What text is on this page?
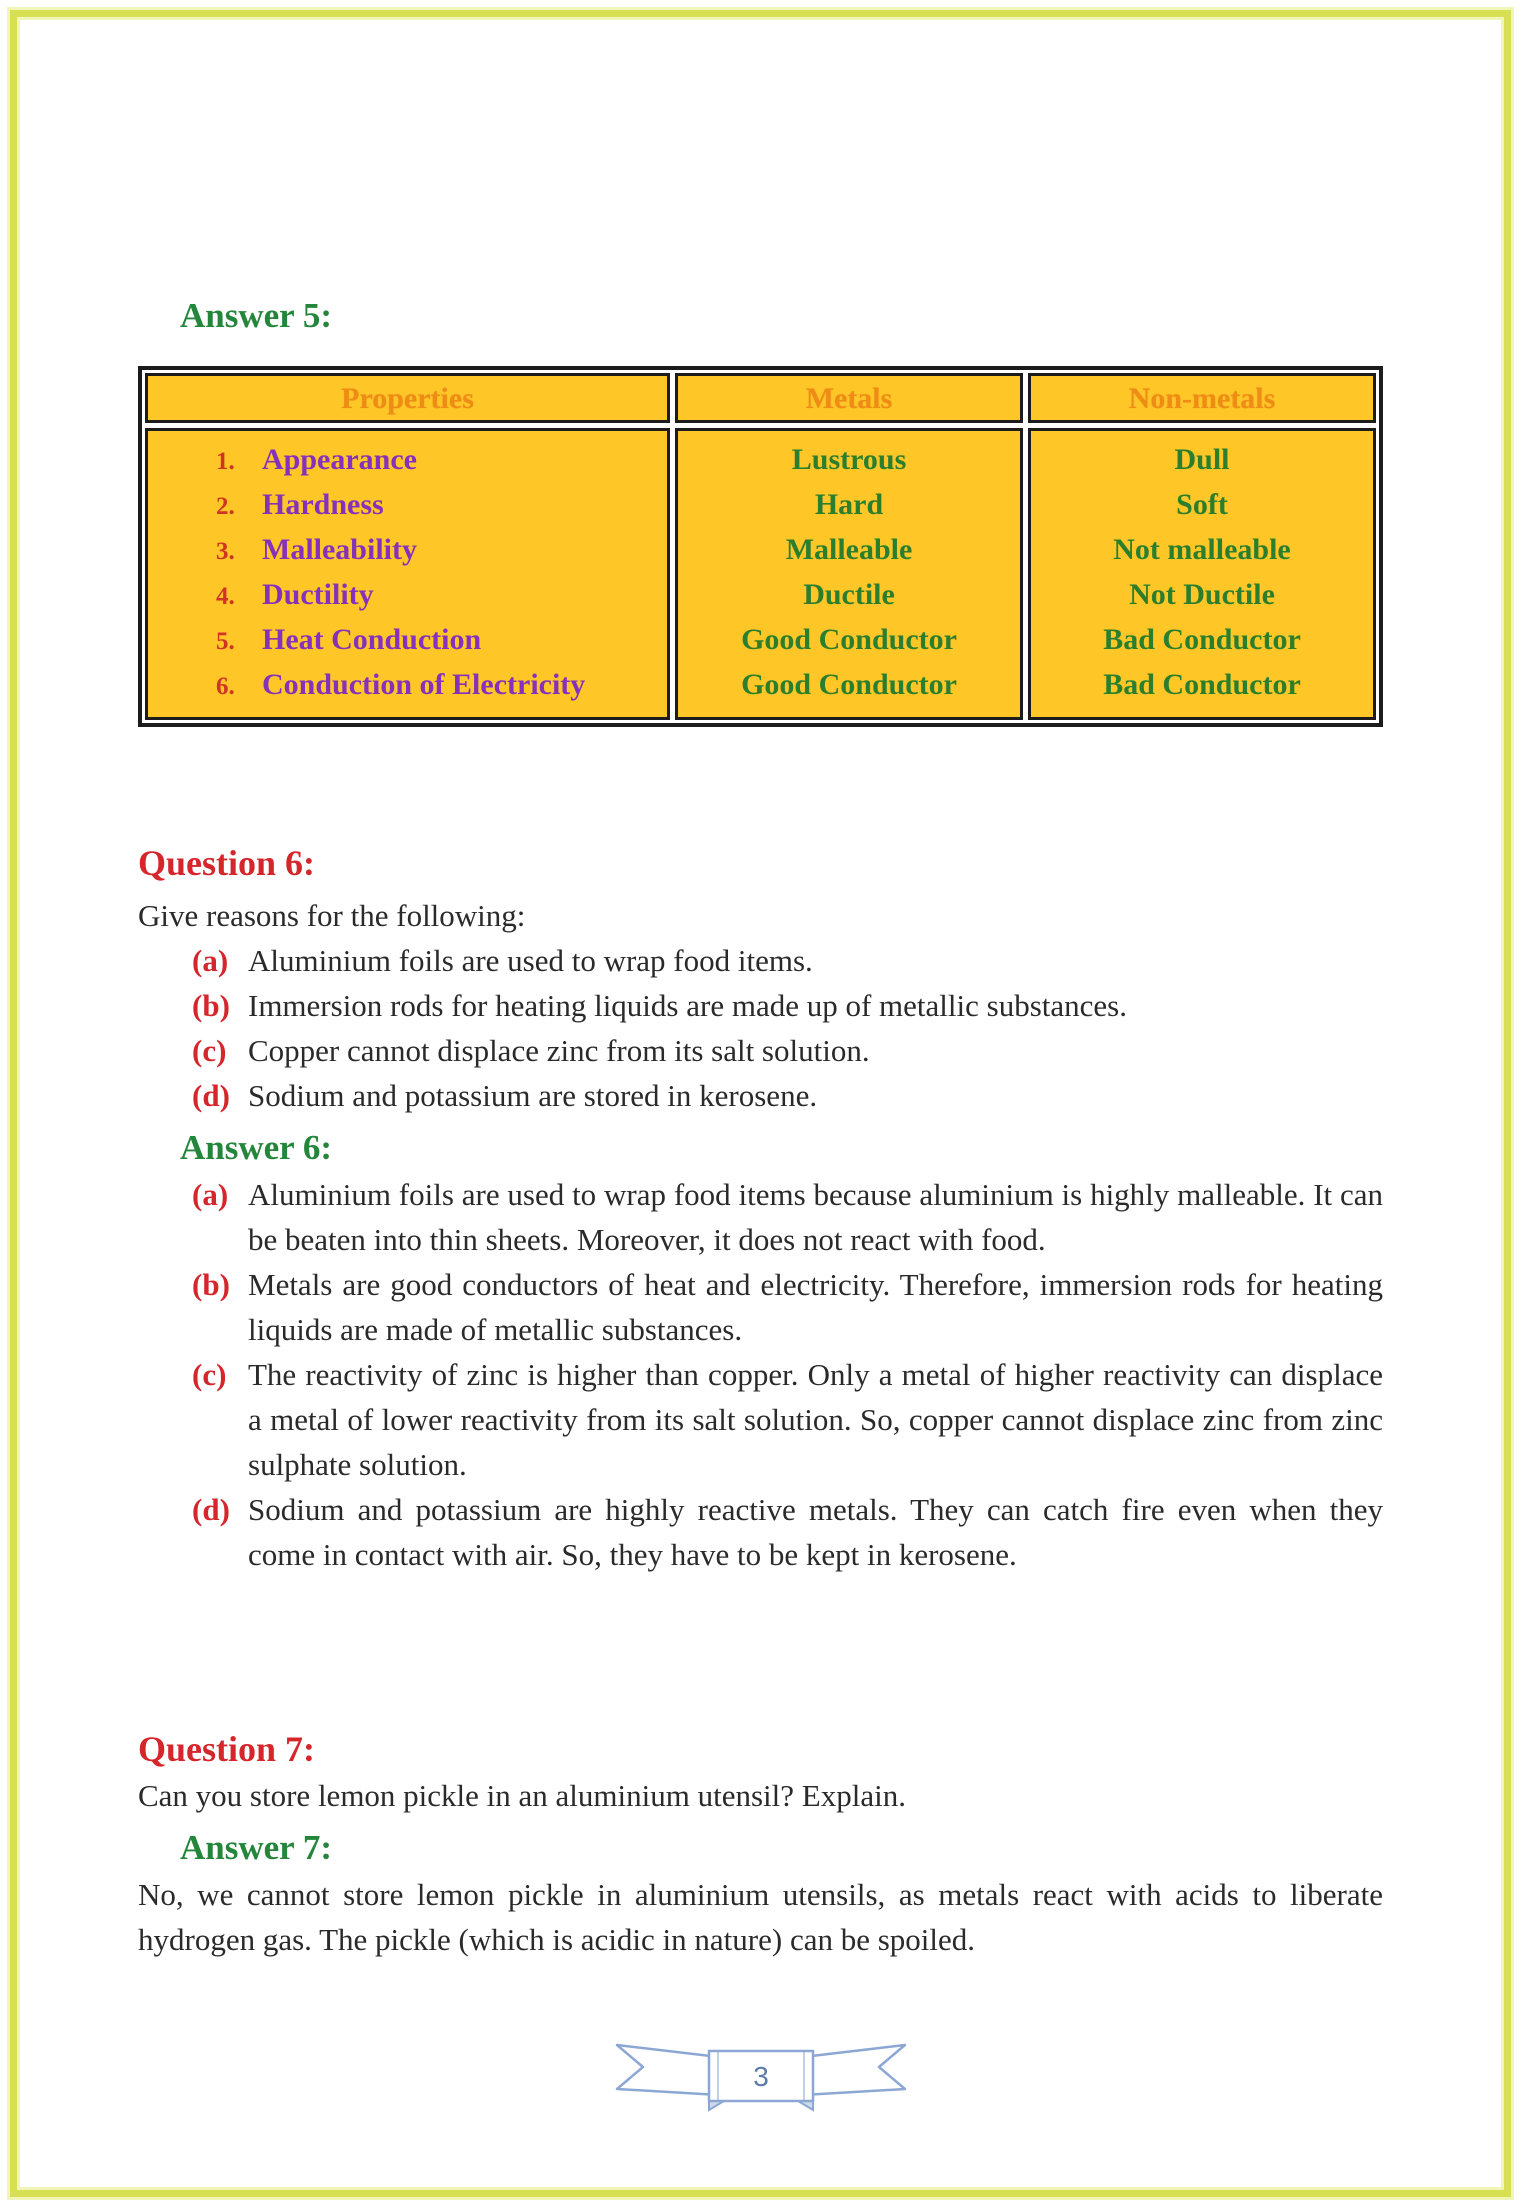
Answer 5:
Properties	Metals	Non-metals
1. Appearance
2. Hardness
3. Malleability
4. Ductility
5. Heat Conduction
6. Conduction of Electricity
Lustrous
Hard
Malleable
Ductile
Good Conductor
Good Conductor
Dull
Soft
Not malleable
Not Ductile
Bad Conductor
Bad Conductor
Question 6:
Give reasons for the following:
(a) Aluminium foils are used to wrap food items.
(b) Immersion rods for heating liquids are made up of metallic substances.
(c) Copper cannot displace zinc from its salt solution.
(d) Sodium and potassium are stored in kerosene.
Answer 6:
(a) Aluminium foils are used to wrap food items because aluminium is highly malleable. It can be beaten into thin sheets. Moreover, it does not react with food.
(b) Metals are good conductors of heat and electricity. Therefore, immersion rods for heating liquids are made of metallic substances.
(c) The reactivity of zinc is higher than copper. Only a metal of higher reactivity can displace a metal of lower reactivity from its salt solution. So, copper cannot displace zinc from zinc sulphate solution.
(d) Sodium and potassium are highly reactive metals. They can catch fire even when they come in contact with air. So, they have to be kept in kerosene.
Question 7:
Can you store lemon pickle in an aluminium utensil? Explain.
Answer 7:
No, we cannot store lemon pickle in aluminium utensils, as metals react with acids to liberate hydrogen gas. The pickle (which is acidic in nature) can be spoiled.
3
